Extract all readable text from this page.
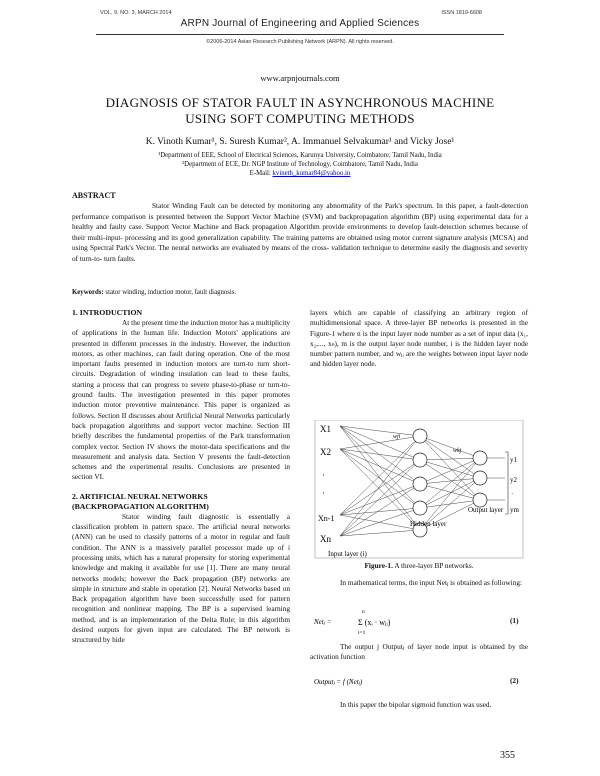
VOL. 9, NO. 3, MARCH 2014	ISSN 1819-6608
ARPN Journal of Engineering and Applied Sciences
©2006-2014 Asian Research Publishing Network (ARPN). All rights reserved.
www.arpnjournals.com
DIAGNOSIS OF STATOR FAULT IN ASYNCHRONOUS MACHINE
USING SOFT COMPUTING METHODS
K. Vinoth Kumar¹, S. Suresh Kumar², A. Immanuel Selvakumar¹ and Vicky Jose¹
¹Department of EEE, School of Electrical Sciences, Karunya University, Coimbatore, Tamil Nadu, India
²Department of ECE, Dr. NGP Institute of Technology, Coimbatore, Tamil Nadu, India
E-Mail: kvineth_kumar84@yahoo.in
ABSTRACT
Stator Winding Fault can be detected by monitoring any abnormality of the Park's spectrum. In this paper, a fault-detection performance comparison is presented between the Support Vector Machine (SVM) and backpropagation algorithm (BP) using experimental data for a healthy and faulty case. Support Vector Machine and Back propagation Algorithm provide environments to develop fault-detection schemes because of their multi-input- processing and its good generalization capability. The training patterns are obtained using motor current signature analysis (MCSA) and using Spectral Park's Vector. The neural networks are evaluated by means of the cross- validation technique to determine easily the diagnosis and severity of turn-to- turn faults.
Keywords: stator winding, induction motor, fault diagnosis.

1. INTRODUCTION

At the present time the induction motor has a multiplicity of applications in the human life. Induction Motors' applications are presented in different processes in the industry. However, the induction motors, as other machines, can fault during operation. One of the most important faults presented in induction motors are turn-to turn short-circuits. Degradation of winding insulation can lead to these faults, starting a process that can progress to severe phase-to-phase or turn-to-ground faults. The investigation presented in this paper promotes induction motor preventive maintenance. This paper is organized as follows. Section II discusses about Artificial Neural Networks particularly back propagation algorithms and support vector machine. Section III briefly describes the fundamental properties of the Park transformation complex vector. Section IV shows the motor-data specifications and the measurement and analysis data. Section V presents the fault-detection schemes and the experimental results. Conclusions are presented in section VI.

2. ARTIFICIAL NEURAL NETWORKS

(BACKPROPAGATION ALGORITHM)

Stator winding fault diagnostic is essentially a classification problem in pattern space. The artificial neural networks (ANN) can be used to classify patterns of a motor in regular and fault condition. The ANN is a massively parallel processor made up of i processing units, which has a natural propensity for storing experimental knowledge and making it available for use [1]. There are many neural networks models; however the Back propagation (BP) networks are simple in structure and stable in operation [2]. Neural Networks based on Back propagation algorithm have been successfully used for pattern recognition and nonlinear mapping. The BP is a supervised learning method, and is an implementation of the Delta Rule; in this algorithm desired outputs for given input are calculated. The BP network is structured by hide

layers which are capable of classifying an arbitrary region of multidimensional space. A three-layer BP networks is presented in the Figure-1 where n is the input layer node number as a set of input data (x₁, x₂,..., xₙ), m is the output layer node number, i is the hidden layer node number pattern number, and wⱼᵢ are the weights between input layer node and hidden layer node.
X1
X2
·
·
Xn-1
Xn
wji
wkj
y1
y2
·
ym
Hidden layer
Output layer
Input layer (i)
Figure-1. A three-layer BP networks.
In mathematical terms, the input Netⱼ is obtained as following:
Netⱼ =
n
i=1
Σ (xᵢ · wⱼᵢ)	(1)
The output j Outputⱼ of layer node input is obtained by the activation function
Outputⱼ = f (Netⱼ)	(2)
In this paper the bipolar sigmoid function was used.
355
